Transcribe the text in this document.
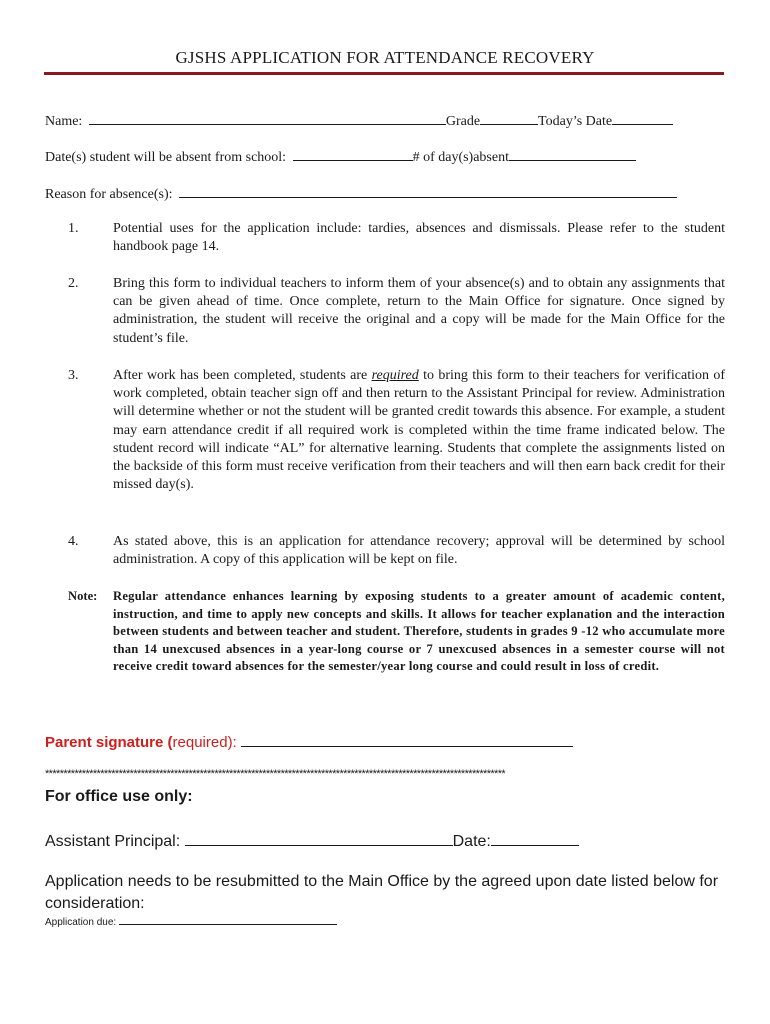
GJSHS APPLICATION FOR ATTENDANCE RECOVERY
Name:	Grade	Today’s Date
Date(s) student will be absent from school:	# of day(s)absent
Reason for absence(s):
1. Potential uses for the application include: tardies, absences and dismissals. Please refer to the student handbook page 14.
2. Bring this form to individual teachers to inform them of your absence(s) and to obtain any assignments that can be given ahead of time. Once complete, return to the Main Office for signature. Once signed by administration, the student will receive the original and a copy will be made for the Main Office for the student’s file.
3. After work has been completed, students are required to bring this form to their teachers for verification of work completed, obtain teacher sign off and then return to the Assistant Principal for review. Administration will determine whether or not the student will be granted credit towards this absence. For example, a student may earn attendance credit if all required work is completed within the time frame indicated below. The student record will indicate “AL” for alternative learning. Students that complete the assignments listed on the backside of this form must receive verification from their teachers and will then earn back credit for their missed day(s).
4. As stated above, this is an application for attendance recovery; approval will be determined by school administration. A copy of this application will be kept on file.
Note: Regular attendance enhances learning by exposing students to a greater amount of academic content, instruction, and time to apply new concepts and skills. It allows for teacher explanation and the interaction between students and between teacher and student. Therefore, students in grades 9 -12 who accumulate more than 14 unexcused absences in a year-long course or 7 unexcused absences in a semester course will not receive credit toward absences for the semester/year long course and could result in loss of credit.
Parent signature (required):
*****************************************************************************************************************************
For office use only:
Assistant Principal:	Date:
Application needs to be resubmitted to the Main Office by the agreed upon date listed below for consideration:
Application due:
